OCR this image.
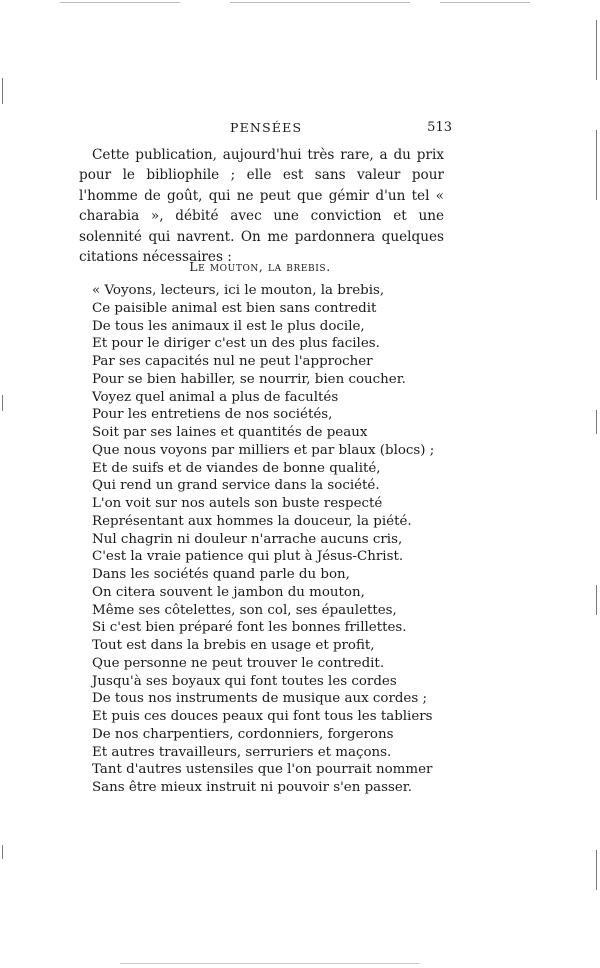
PENSÉES	513

Cette publication, aujourd'hui très rare, a du prix pour le bibliophile ; elle est sans valeur pour l'homme de goût, qui ne peut que gémir d'un tel « charabia », débité avec une conviction et une solennité qui navrent. On me pardonnera quelques citations nécessaires :

Le mouton, la brebis.
« Voyons, lecteurs, ici le mouton, la brebis,
Ce paisible animal est bien sans contredit
De tous les animaux il est le plus docile,
Et pour le diriger c'est un des plus faciles.
Par ses capacités nul ne peut l'approcher
Pour se bien habiller, se nourrir, bien coucher.
Voyez quel animal a plus de facultés
Pour les entretiens de nos sociétés,
Soit par ses laines et quantités de peaux
Que nous voyons par milliers et par blaux (blocs) ;
Et de suifs et de viandes de bonne qualité,
Qui rend un grand service dans la société.
L'on voit sur nos autels son buste respecté
Représentant aux hommes la douceur, la piété.
Nul chagrin ni douleur n'arrache aucuns cris,
C'est la vraie patience qui plut à Jésus-Christ.
Dans les sociétés quand parle du bon,
On citera souvent le jambon du mouton,
Même ses côtelettes, son col, ses épaulettes,
Si c'est bien préparé font les bonnes frillettes.
Tout est dans la brebis en usage et profit,
Que personne ne peut trouver le contredit.
Jusqu'à ses boyaux qui font toutes les cordes
De tous nos instruments de musique aux cordes ;
Et puis ces douces peaux qui font tous les tabliers
De nos charpentiers, cordonniers, forgerons
Et autres travailleurs, serruriers et maçons.
Tant d'autres ustensiles que l'on pourrait nommer
Sans être mieux instruit ni pouvoir s'en passer.
